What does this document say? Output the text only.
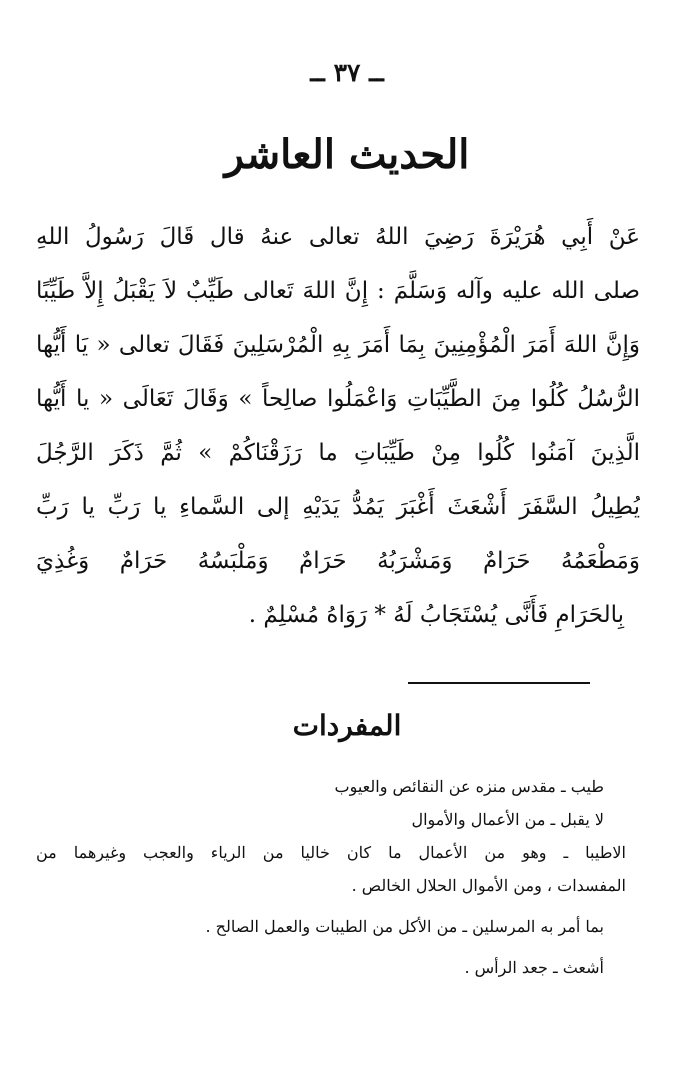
ــ ٣٧ ــ
الحديث العاشر
عَنْ أَبِي هُرَيْرَةَ رَضِيَ اللهُ تعالى عنهُ قال قَالَ رَسُولُ اللهِ
صلى الله عليه وآله وَسَلَّمَ : إِنَّ اللهَ تَعالى طَيِّبٌ لاَ يَقْبَلُ إِلاَّ طَيِّبًا
وَإِنَّ اللهَ أَمَرَ الْمُؤْمِنِينَ بِمَا أَمَرَ بِهِ الْمُرْسَلِينَ فَقَالَ تعالى « يَا أَيُّها
الرُّسُلُ كُلُوا مِنَ الطَّيِّبَاتِ وَاعْمَلُوا صالِحاً » وَقَالَ تَعَالَى « يا أَيُّها
الَّذِينَ آمَنُوا كُلُوا مِنْ طَيِّبَاتِ ما رَزَقْنَاكُمْ » ثُمَّ ذَكَرَ الرَّجُلَ
يُطِيلُ السَّفَرَ أَشْعَثَ أَغْبَرَ يَمُدُّ يَدَيْهِ إلى السَّماءِ يا رَبِّ يا رَبِّ
وَمَطْعَمُهُ حَرَامٌ وَمَشْرَبُهُ حَرَامٌ وَمَلْبَسُهُ حَرَامٌ وَغُذِيَ
بِالحَرَامِ فَأَنَّى يُسْتَجَابُ لَهُ * رَوَاهُ مُسْلِمٌ .
المفردات
طيب ـ مقدس منزه عن النقائص والعيوب
لا يقبل ـ من الأعمال والأموال
الاطيبا ـ وهو من الأعمال ما كان خاليا من الرياء والعجب وغيرهما من
المفسدات ، ومن الأموال الحلال الخالص .
بما أمر به المرسلين ـ من الأكل من الطيبات والعمل الصالح .
أشعث ـ جعد الرأس .
